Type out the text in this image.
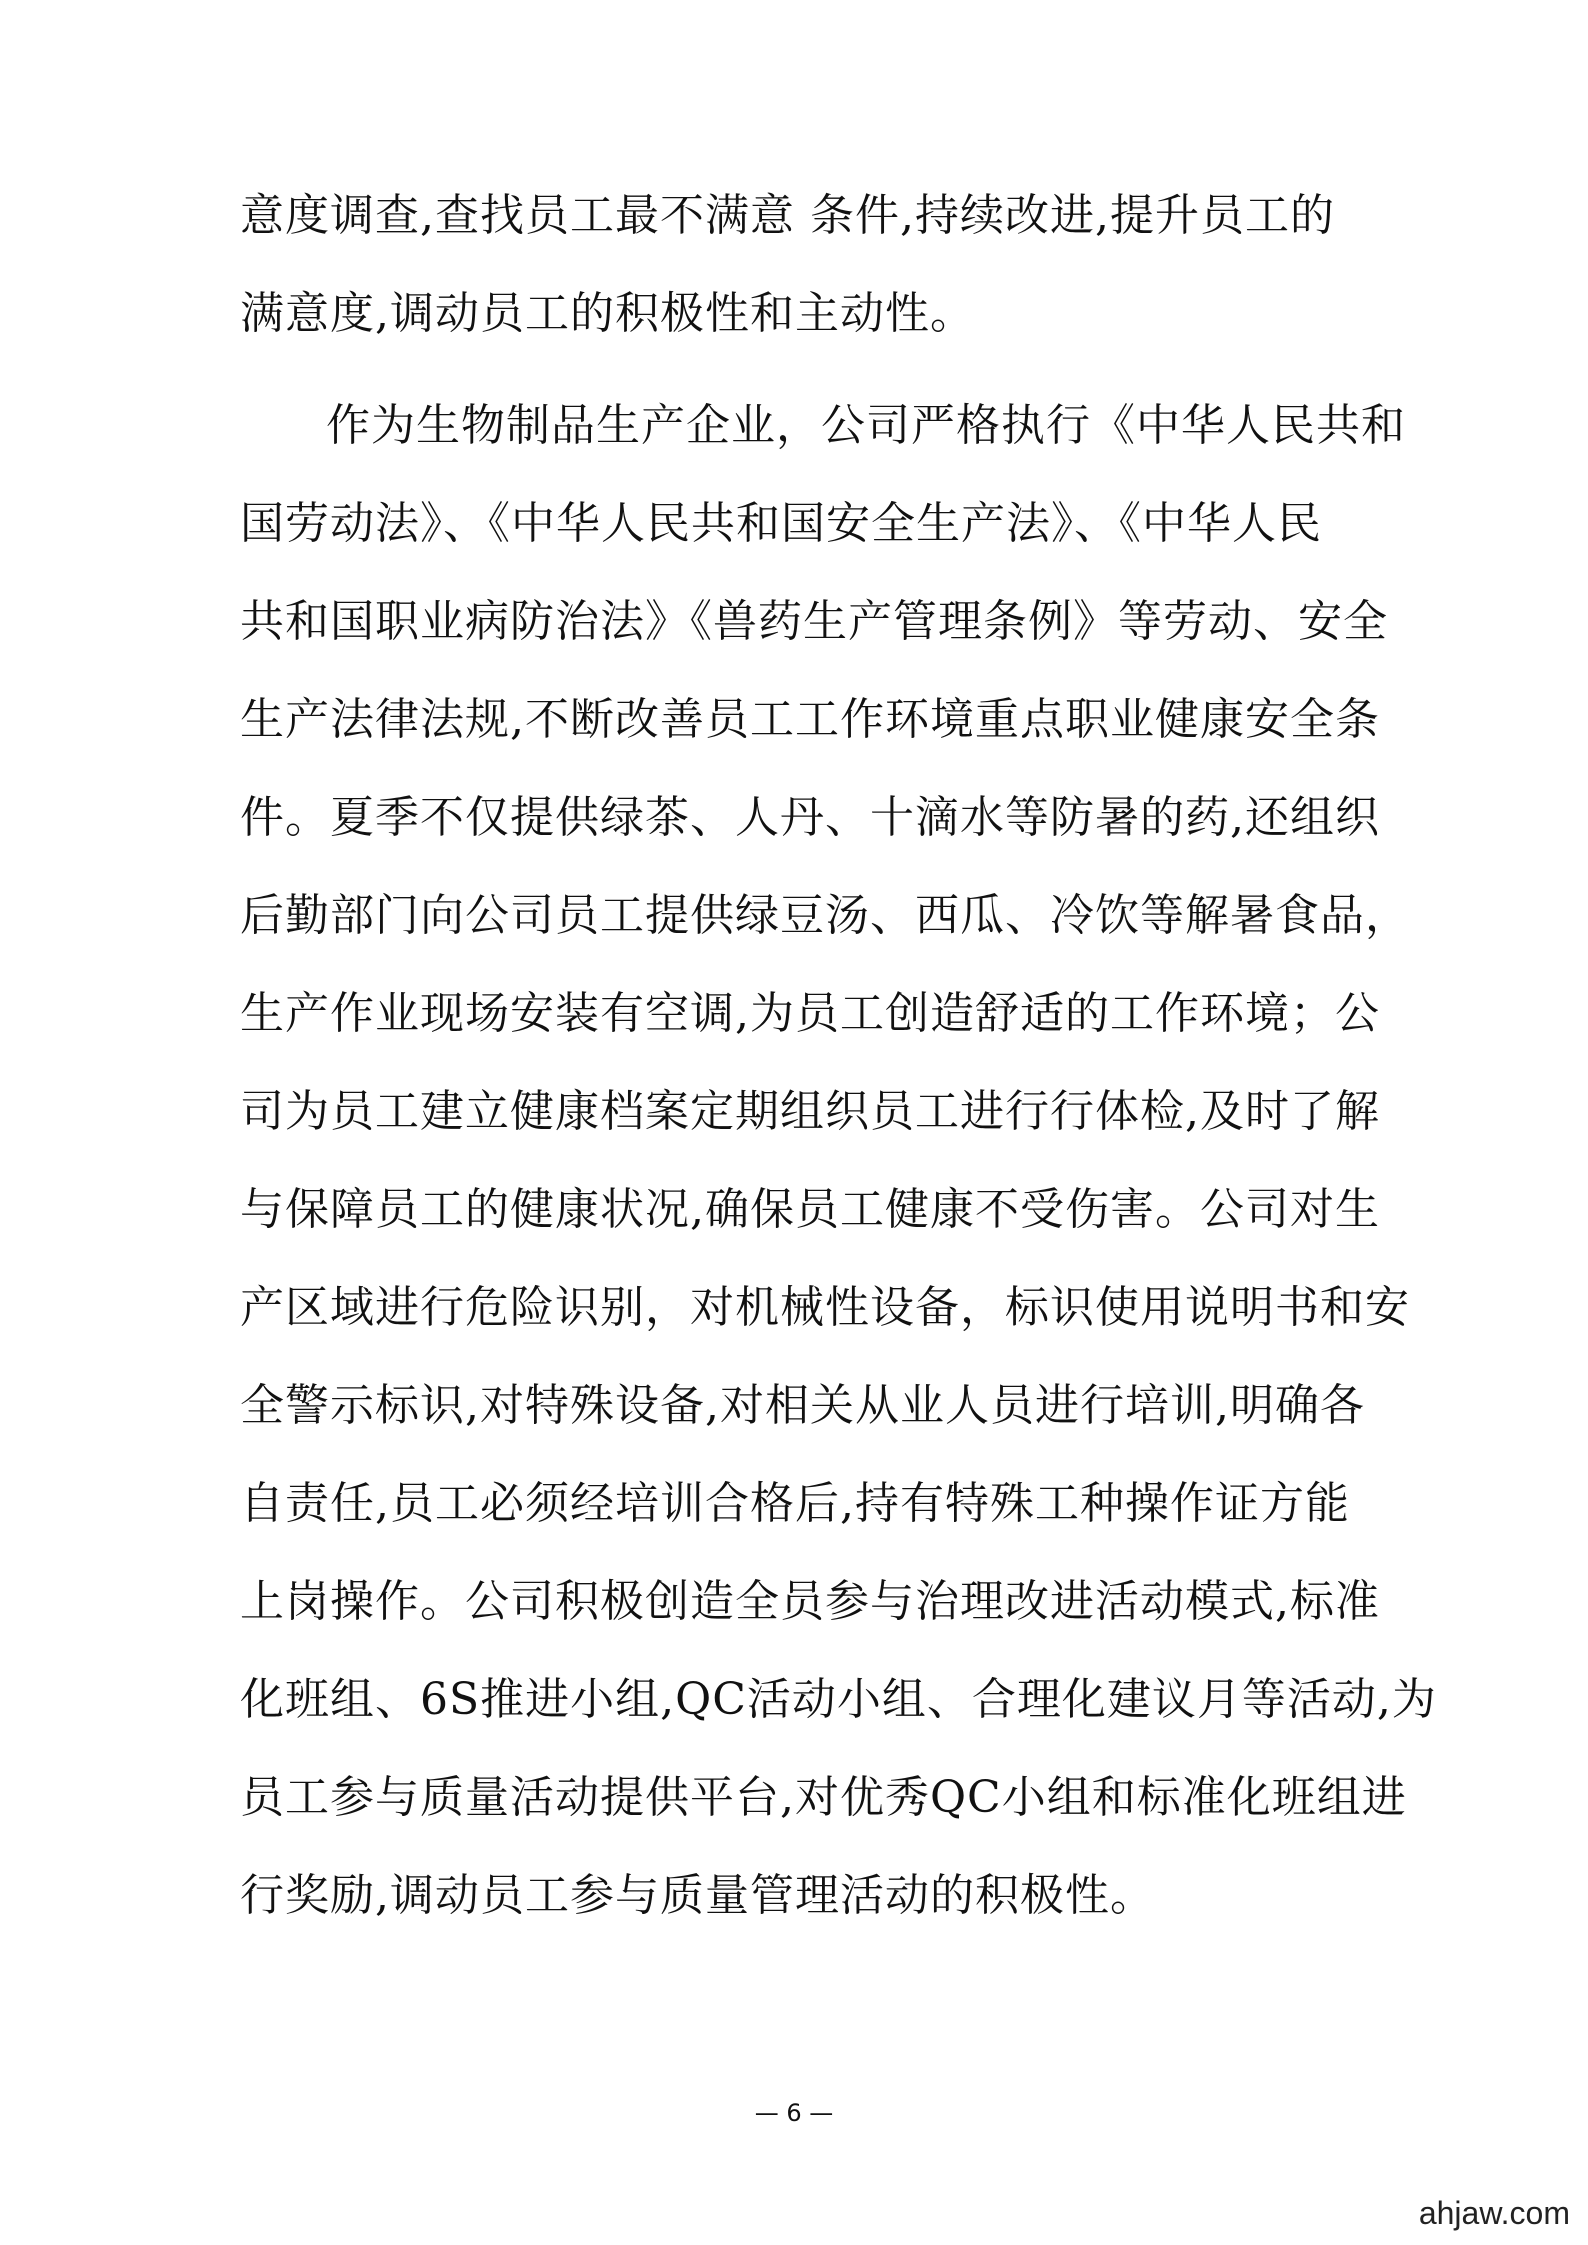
意度调查,查找员工最不满意 条件,持续改进,提升员工的
满意度,调动员工的积极性和主动性。
作为生物制品生产企业，公司严格执行《中华人民共和
国劳动法》、《中华人民共和国安全生产法》、《中华人民
共和国职业病防治法》《兽药生产管理条例》等劳动、安全
生产法律法规,不断改善员工工作环境重点职业健康安全条
件。夏季不仅提供绿茶、人丹、十滴水等防暑的药,还组织
后勤部门向公司员工提供绿豆汤、西瓜、冷饮等解暑食品，
生产作业现场安装有空调,为员工创造舒适的工作环境；公
司为员工建立健康档案定期组织员工进行行体检,及时了解
与保障员工的健康状况,确保员工健康不受伤害。公司对生
产区域进行危险识别，对机械性设备，标识使用说明书和安
全警示标识,对特殊设备,对相关从业人员进行培训,明确各
自责任,员工必须经培训合格后,持有特殊工种操作证方能
上岗操作。公司积极创造全员参与治理改进活动模式,标准
化班组、6S推进小组,QC活动小组、合理化建议月等活动,为
员工参与质量活动提供平台,对优秀QC小组和标准化班组进
行奖励,调动员工参与质量管理活动的积极性。
— 6 —
ahjaw.com
